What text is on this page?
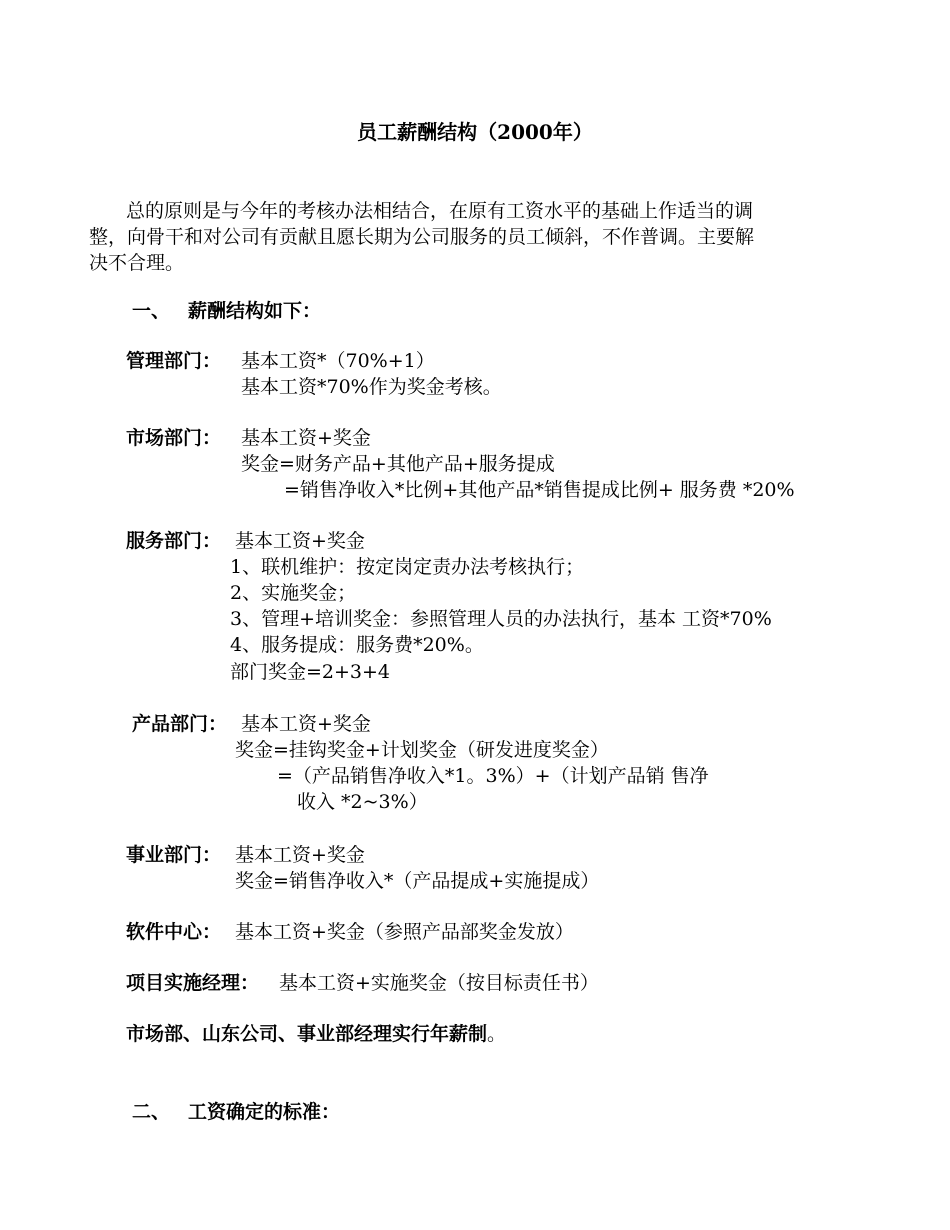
员工薪酬结构（2000年）
总的原则是与今年的考核办法相结合，在原有工资水平的基础上作适当的调
整，向骨干和对公司有贡献且愿长期为公司服务的员工倾斜，不作普调。主要解
决不合理。
一、 薪酬结构如下：
管理部门： 基本工资*（70%+1）
基本工资*70%作为奖金考核。
市场部门： 基本工资+奖金
奖金=财务产品+其他产品+服务提成
=销售净收入*比例+其他产品*销售提成比例+ 服务费 *20%
服务部门： 基本工资+奖金
1、联机维护：按定岗定责办法考核执行；
2、实施奖金；
3、管理+培训奖金：参照管理人员的办法执行，基本 工资*70%
4、服务提成：服务费*20%。
部门奖金=2+3+4
产品部门： 基本工资+奖金
奖金=挂钩奖金+计划奖金（研发进度奖金）
=（产品销售净收入*1。3%）+（计划产品销 售净
收入 *2~3%）
事业部门： 基本工资+奖金
奖金=销售净收入*（产品提成+实施提成）
软件中心： 基本工资+奖金（参照产品部奖金发放）
项目实施经理： 基本工资+实施奖金（按目标责任书）
市场部、山东公司、事业部经理实行年薪制。
二、 工资确定的标准：
